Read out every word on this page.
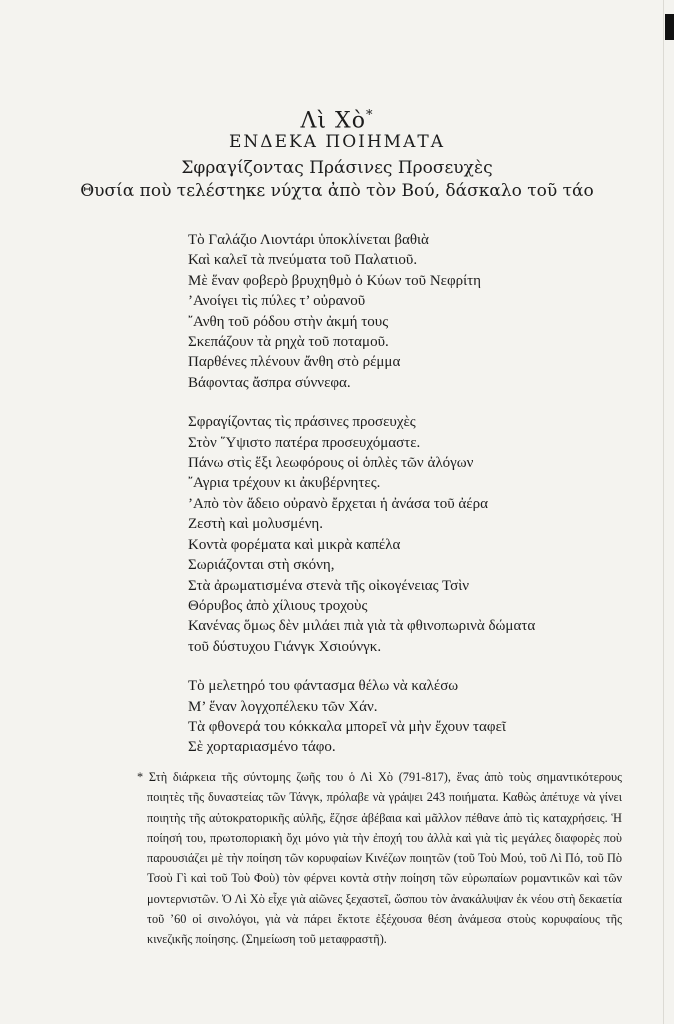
Λὶ Χὸ*
ΕΝΔΕΚΑ ΠΟΙΗΜΑΤΑ
Σφραγίζοντας Πράσινες Προσευχὲς
Θυσία ποὺ τελέστηκε νύχτα ἀπὸ τὸν Βού, δάσκαλο τοῦ τάο
Τὸ Γαλάζιο Λιοντάρι ὑποκλίνεται βαθιὰ
Καὶ καλεῖ τὰ πνεύματα τοῦ Παλατιοῦ.
Μὲ ἕναν φοβερὸ βρυχηθμὸ ὁ Κύων τοῦ Νεφρίτη
’Ανοίγει τὶς πύλες τ’ οὐρανοῦ
῎Ανθη τοῦ ρόδου στὴν ἀκμή τους
Σκεπάζουν τὰ ρηχὰ τοῦ ποταμοῦ.
Παρθένες πλένουν ἄνθη στὸ ρέμμα
Βάφοντας ἄσπρα σύννεφα.
Σφραγίζοντας τὶς πράσινες προσευχὲς
Στὸν ῞Υψιστο πατέρα προσευχόμαστε.
Πάνω στὶς ἕξι λεωφόρους οἱ ὁπλὲς τῶν ἀλόγων
῎Αγρια τρέχουν κι ἀκυβέρνητες.
’Απὸ τὸν ἄδειο οὐρανὸ ἔρχεται ἡ ἀνάσα τοῦ ἀέρα
Ζεστὴ καὶ μολυσμένη.
Κοντὰ φορέματα καὶ μικρὰ καπέλα
Σωριάζονται στὴ σκόνη,
Στὰ ἀρωματισμένα στενὰ τῆς οἰκογένειας Τσὶν
Θόρυβος ἀπὸ χίλιους τροχοὺς
Κανένας ὅμως δὲν μιλάει πιὰ γιὰ τὰ φθινοπωρινὰ δώματα
τοῦ δύστυχου Γιάνγκ Χσιούνγκ.
Τὸ μελετηρό του φάντασμα θέλω νὰ καλέσω
Μ’ ἕναν λογχοπέλεκυ τῶν Χάν.
Τὰ φθονερά του κόκκαλα μπορεῖ νὰ μὴν ἔχουν ταφεῖ
Σὲ χορταριασμένο τάφο.
* Στὴ διάρκεια τῆς σύντομης ζωῆς του ὁ Λὶ Χὸ (791-817), ἕνας ἀπὸ τοὺς σημαντικότερους ποιητὲς τῆς δυναστείας τῶν Τάνγκ, πρόλαβε νὰ γράψει 243 ποιήματα. Καθὼς ἀπέτυχε νὰ γίνει ποιητὴς τῆς αὐτοκρατορικῆς αὐλῆς, ἔζησε ἀβέβαια καὶ μᾶλλον πέθανε ἀπὸ τὶς καταχρήσεις. Ἡ ποίησή του, πρωτοποριακὴ ὄχι μόνο γιὰ τὴν ἐποχή του ἀλλὰ καὶ γιὰ τὶς μεγάλες διαφορὲς ποὺ παρουσιάζει μὲ τὴν ποίηση τῶν κορυφαίων Κινέζων ποιητῶν (τοῦ Τοὺ Μού, τοῦ Λὶ Πό, τοῦ Πὸ Τσοὺ Γὶ καὶ τοῦ Τοὺ Φοὺ) τὸν φέρνει κοντὰ στὴν ποίηση τῶν εὐρωπαίων ρομαντικῶν καὶ τῶν μοντερνιστῶν. Ὁ Λὶ Χὸ εἶχε γιὰ αἰῶνες ξεχαστεῖ, ὥσπου τὸν ἀνακάλυψαν ἐκ νέου στὴ δεκαετία τοῦ ’60 οἱ σινολόγοι, γιὰ νὰ πάρει ἔκτοτε ἐξέχουσα θέση ἀνάμεσα στοὺς κορυφαίους τῆς κινεζικῆς ποίησης. (Σημείωση τοῦ μεταφραστῆ).
